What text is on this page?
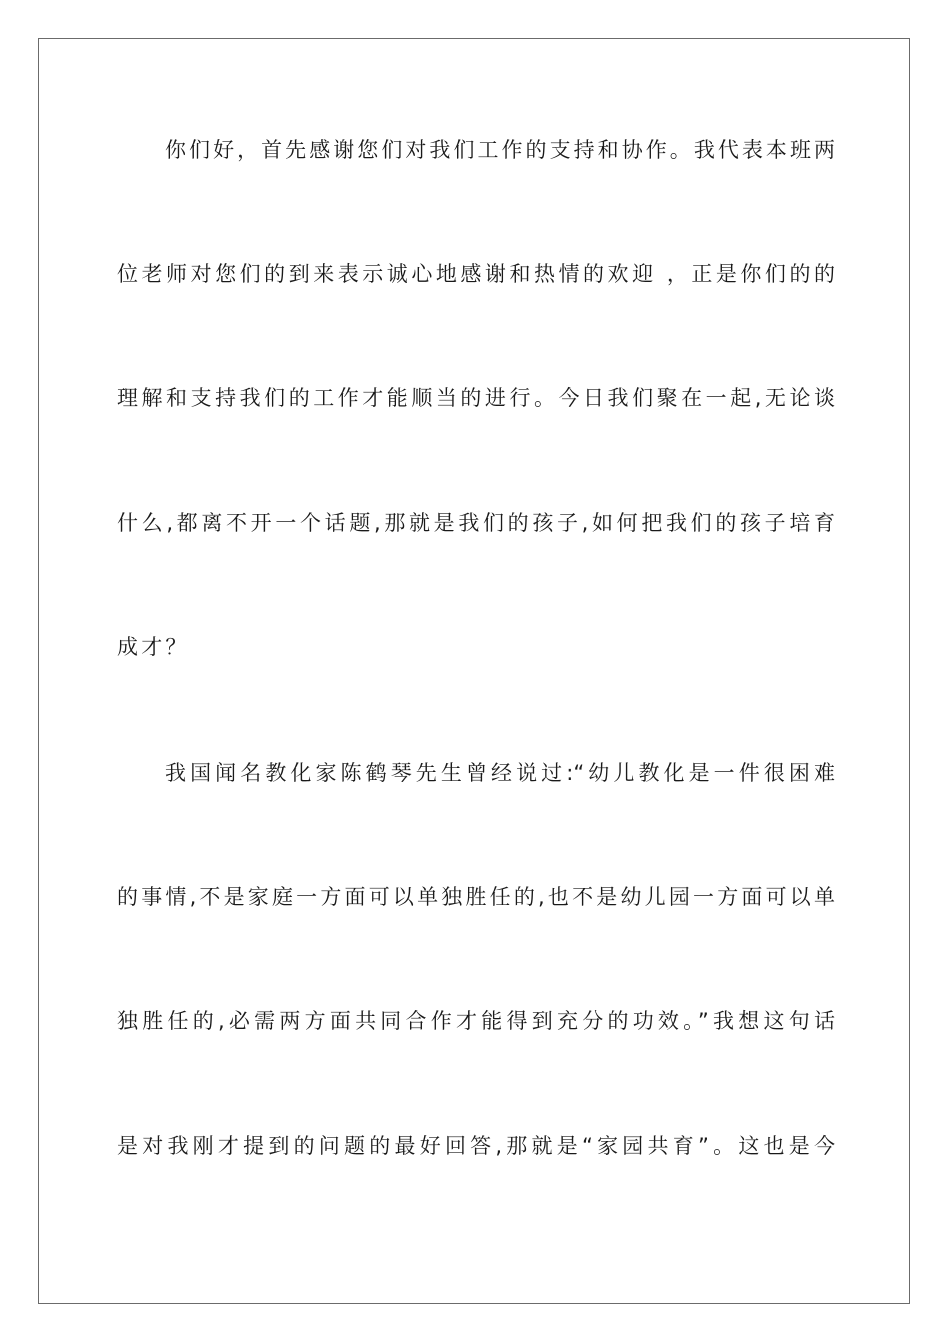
你们好，首先感谢您们对我们工作的支持和协作。我代表本班两
位老师对您们的到来表示诚心地感谢和热情的欢迎 ，正是你们的的
理解和支持我们的工作才能顺当的进行。今日我们聚在一起,无论谈
什么,都离不开一个话题,那就是我们的孩子,如何把我们的孩子培育
成才？
我国闻名教化家陈鹤琴先生曾经说过:“幼儿教化是一件很困难
的事情,不是家庭一方面可以单独胜任的,也不是幼儿园一方面可以单
独胜任的,必需两方面共同合作才能得到充分的功效。”我想这句话
是对我刚才提到的问题的最好回答,那就是“家园共育”。这也是今
